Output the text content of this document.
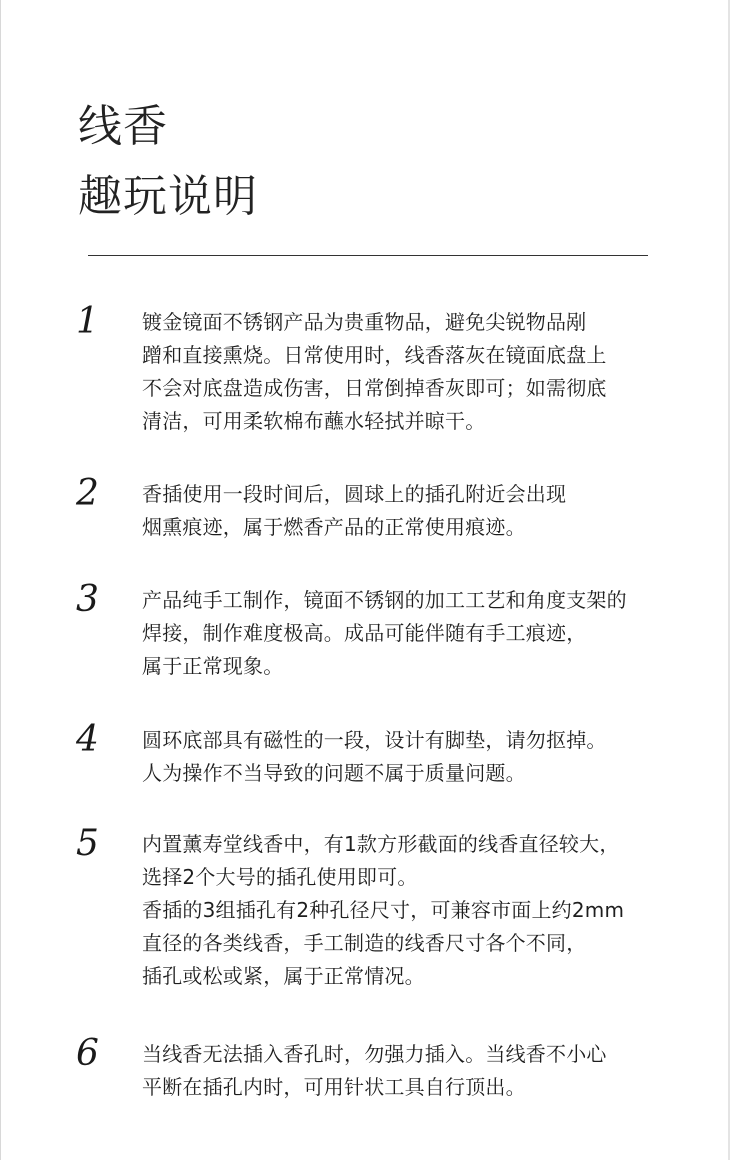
线香
趣玩说明
1	镀金镜面不锈钢产品为贵重物品，避免尖锐物品剐
蹭和直接熏烧。日常使用时，线香落灰在镜面底盘上
不会对底盘造成伤害，日常倒掉香灰即可；如需彻底
清洁，可用柔软棉布蘸水轻拭并晾干。
2	香插使用一段时间后，圆球上的插孔附近会出现
烟熏痕迹，属于燃香产品的正常使用痕迹。
3	产品纯手工制作，镜面不锈钢的加工工艺和角度支架的
焊接，制作难度极高。成品可能伴随有手工痕迹，
属于正常现象。
4	圆环底部具有磁性的一段，设计有脚垫，请勿抠掉。
人为操作不当导致的问题不属于质量问题。
5	内置薰寿堂线香中，有1款方形截面的线香直径较大，
选择2个大号的插孔使用即可。
香插的3组插孔有2种孔径尺寸，可兼容市面上约2mm
直径的各类线香，手工制造的线香尺寸各个不同，
插孔或松或紧，属于正常情况。
6	当线香无法插入香孔时，勿强力插入。当线香不小心
平断在插孔内时，可用针状工具自行顶出。
